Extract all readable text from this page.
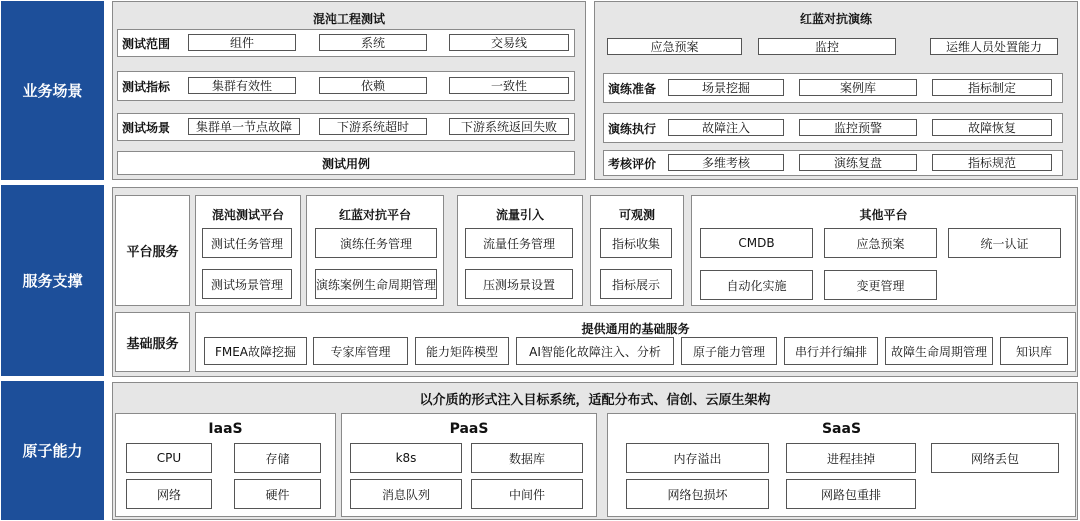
业务场景
服务支撑
原子能力
混沌工程测试
测试范围	组件	系统	交易线
测试指标	集群有效性	依赖	一致性
测试场景	集群单一节点故障	下游系统超时	下游系统返回失败
测试用例
红蓝对抗演练
应急预案	监控	运维人员处置能力
演练准备	场景挖掘	案例库	指标制定
演练执行	故障注入	监控预警	故障恢复
考核评价	多维考核	演练复盘	指标规范
平台服务
混沌测试平台
测试任务管理
测试场景管理
红蓝对抗平台
演练任务管理
演练案例生命周期管理
流量引入
流量任务管理
压测场景设置
可观测
指标收集
指标展示
其他平台
CMDB	应急预案	统一认证
自动化实施	变更管理
基础服务
提供通用的基础服务
FMEA故障挖掘	专家库管理	能力矩阵模型	AI智能化故障注入、分析	原子能力管理	串行并行编排	故障生命周期管理	知识库
以介质的形式注入目标系统，适配分布式、信创、云原生架构
IaaS
CPU	存储
网络	硬件
PaaS
k8s	数据库
消息队列	中间件
SaaS
内存溢出	进程挂掉	网络丢包
网络包损坏	网路包重排
